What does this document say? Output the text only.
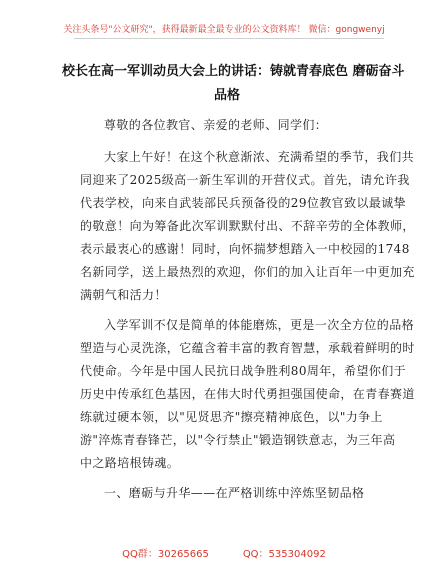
关注头条号"公文研究"，获得最新最全最专业的公文资料库！ 微信：gongwenyj
校长在高一军训动员大会上的讲话：铸就青春底色 磨砺奋斗
品格

尊敬的各位教官、亲爱的老师、同学们：

大家上午好！在这个秋意渐浓、充满希望的季节，我们共
同迎来了2025级高一新生军训的开营仪式。首先，请允许我
代表学校，向来自武装部民兵预备役的29位教官致以最诚挚
的敬意！向为筹备此次军训默默付出、不辞辛劳的全体教师，
表示最衷心的感谢！同时，向怀揣梦想踏入一中校园的1748
名新同学，送上最热烈的欢迎，你们的加入让百年一中更加充
满朝气和活力！

入学军训不仅是简单的体能磨炼，更是一次全方位的品格
塑造与心灵洗涤，它蕴含着丰富的教育智慧，承载着鲜明的时
代使命。今年是中国人民抗日战争胜利80周年，希望你们于
历史中传承红色基因，在伟大时代勇担强国使命，在青春赛道
练就过硬本领，以"见贤思齐"擦亮精神底色，以"力争上
游"淬炼青春锋芒，以"令行禁止"锻造钢铁意志，为三年高
中之路培根铸魂。

一、磨砺与升华——在严格训练中淬炼坚韧品格

QQ群：30265665	QQ：535304092
